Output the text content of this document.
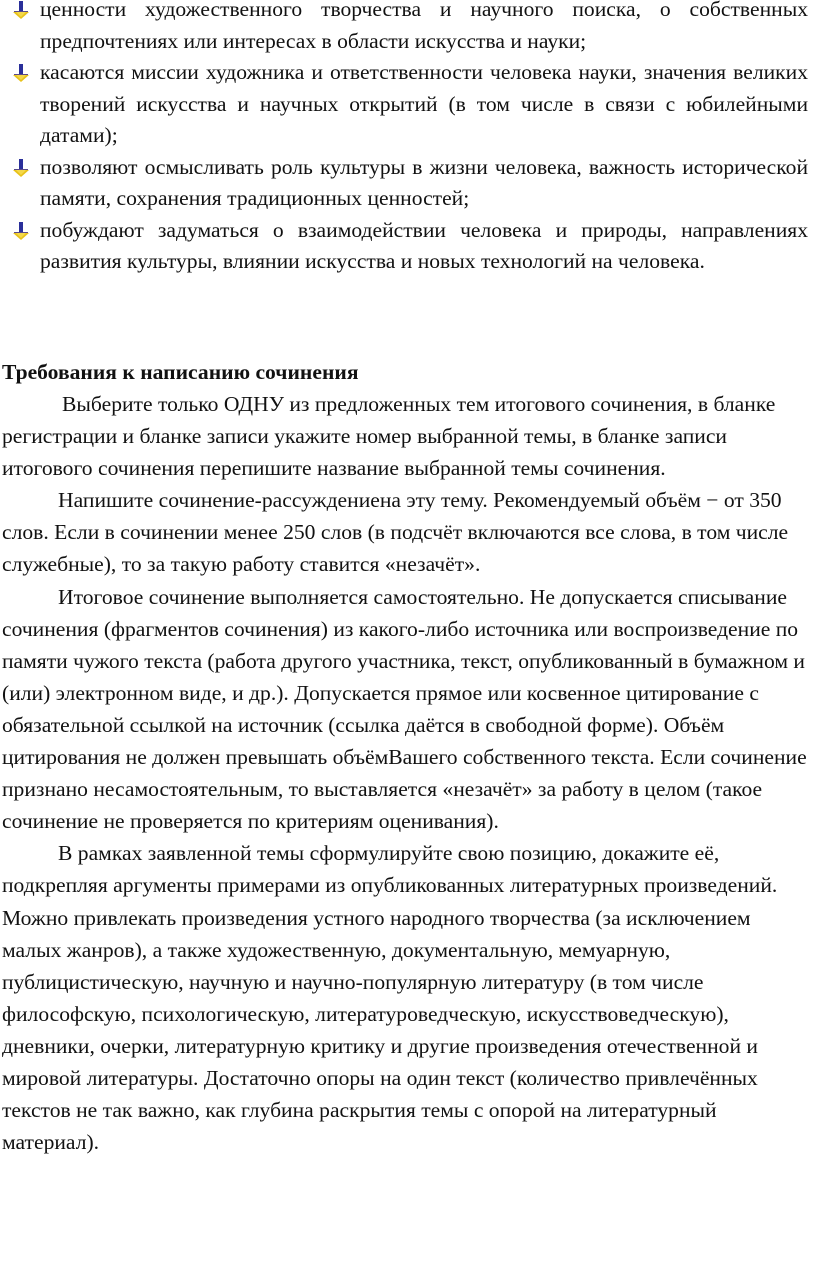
ценности художественного творчества и научного поиска, о собственных предпочтениях или интересах в области искусства и науки;
касаются миссии художника и ответственности человека науки, значения великих творений искусства и научных открытий (в том числе в связи с юбилейными датами);
позволяют осмысливать роль культуры в жизни человека, важность исторической памяти, сохранения традиционных ценностей;
побуждают задуматься о взаимодействии человека и природы, направлениях развития культуры, влиянии искусства и новых технологий на человека.
Требования к написанию сочинения

Выберите только ОДНУ из предложенных тем итогового сочинения, в бланке регистрации и бланке записи укажите номер выбранной темы, в бланке записи итогового сочинения перепишите название выбранной темы сочинения.

Напишите сочинение-рассуждениена эту тему. Рекомендуемый объём − от 350 слов. Если в сочинении менее 250 слов (в подсчёт включаются все слова, в том числе служебные), то за такую работу ставится «незачёт».

Итоговое сочинение выполняется самостоятельно. Не допускается списывание сочинения (фрагментов сочинения) из какого-либо источника или воспроизведение по памяти чужого текста (работа другого участника, текст, опубликованный в бумажном и (или) электронном виде, и др.). Допускается прямое или косвенное цитирование с обязательной ссылкой на источник (ссылка даётся в свободной форме). Объём цитирования не должен превышать объёмВашего собственного текста. Если сочинение признано несамостоятельным, то выставляется «незачёт» за работу в целом (такое сочинение не проверяется по критериям оценивания).

В рамках заявленной темы сформулируйте свою позицию, докажите её, подкрепляя аргументы примерами из опубликованных литературных произведений. Можно привлекать произведения устного народного творчества (за исключением малых жанров), а также художественную, документальную, мемуарную, публицистическую, научную и научно-популярную литературу (в том числе философскую, психологическую, литературоведческую, искусствоведческую), дневники, очерки, литературную критику и другие произведения отечественной и мировой литературы. Достаточно опоры на один текст (количество привлечённых текстов не так важно, как глубина раскрытия темы с опорой на литературный материал).
